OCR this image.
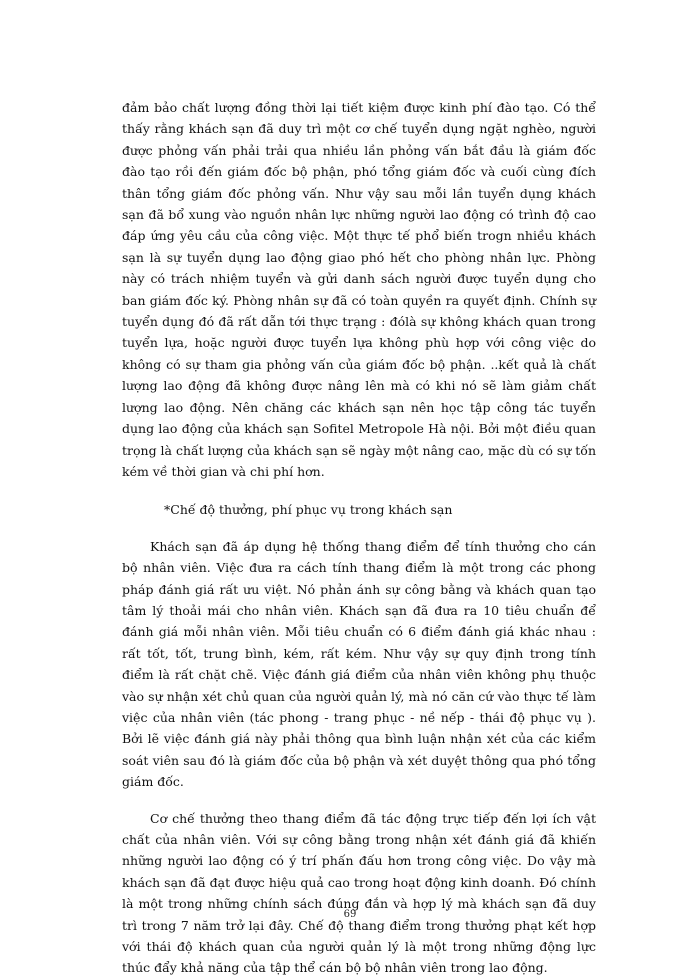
đảm bảo chất lượng đồng thời lại tiết kiệm được kinh phí đào tạo. Có thể thấy rằng khách sạn đã duy trì một cơ chế tuyển dụng ngặt nghèo, người được phỏng vấn phải trải qua nhiều lần phỏng vấn bắt đầu là giám đốc đào tạo rồi đến giám đốc bộ phận, phó tổng giám đốc và cuối cùng đích thân tổng giám đốc phỏng vấn. Như vậy sau mỗi lần tuyển dụng khách sạn đã bổ xung vào nguồn nhân lực những người lao động có trình độ cao đáp ứng yêu cầu của công việc. Một thực tế phổ biến trogn nhiều khách sạn là sự tuyển dụng lao động giao phó hết cho phòng nhân lực. Phòng này có trách nhiệm tuyển và gửi danh sách người được tuyển dụng cho ban giám đốc ký. Phòng nhân sự đã có toàn quyền ra quyết định. Chính sự tuyển dụng đó đã rất dẫn tới thực trạng : đólà sự không khách quan trong tuyển lựa, hoặc người được tuyển lựa không phù hợp với công việc do không có sự tham gia phỏng vấn của giám đốc bộ phận. ..kết quả là chất lượng lao động đã không được nâng lên mà có khi nó sẽ làm giảm chất lượng lao động. Nên chăng các khách sạn nên học tập công tác tuyển dụng lao động của khách sạn Sofitel Metropole Hà nội. Bởi một điều quan trọng là chất lượng của khách sạn sẽ ngày một nâng cao, mặc dù có sự tốn kém về thời gian và chi phí hơn.

*Chế độ thưởng, phí phục vụ trong khách sạn

Khách sạn đã áp dụng hệ thống thang điểm để tính thưởng cho cán bộ nhân viên. Việc đưa ra cách tính thang điểm là một trong các phong pháp đánh giá rất ưu việt. Nó phản ánh sự công bằng và khách quan tạo tâm lý thoải mái cho nhân viên. Khách sạn đã đưa ra 10 tiêu chuẩn để đánh giá mỗi nhân viên. Mỗi tiêu chuẩn có 6 điểm đánh giá khác nhau : rất tốt, tốt, trung bình, kém, rất kém. Như vậy sự quy định trong tính điểm là rất chặt chẽ. Việc đánh giá điểm của nhân viên không phụ thuộc vào sự nhận xét chủ quan của người quản lý, mà nó căn cứ vào thực tế làm việc của nhân viên (tác phong - trang phục - nề nếp - thái độ phục vụ ). Bởi lẽ việc đánh giá này phải thông qua bình luận nhận xét của các kiểm soát viên sau đó là giám đốc của bộ phận và xét duyệt thông qua phó tổng giám đốc.

Cơ chế thưởng theo thang điểm đã tác động trực tiếp đến lợi ích vật chất của nhân viên. Với sự công bằng trong nhận xét đánh giá đã khiến những người lao động có ý trí phấn đấu hơn trong công việc. Do vậy mà khách sạn đã đạt được hiệu quả cao trong hoạt động kinh doanh. Đó chính là một trong những chính sách đúng đắn và hợp lý mà khách sạn đã duy trì trong 7 năm trở lại đây. Chế độ thang điểm trong thưởng phạt kết hợp với thái độ khách quan của người quản lý là một trong những động lực thúc đẩy khả năng của tập thể cán bộ bộ nhân viên trong lao động.

69
